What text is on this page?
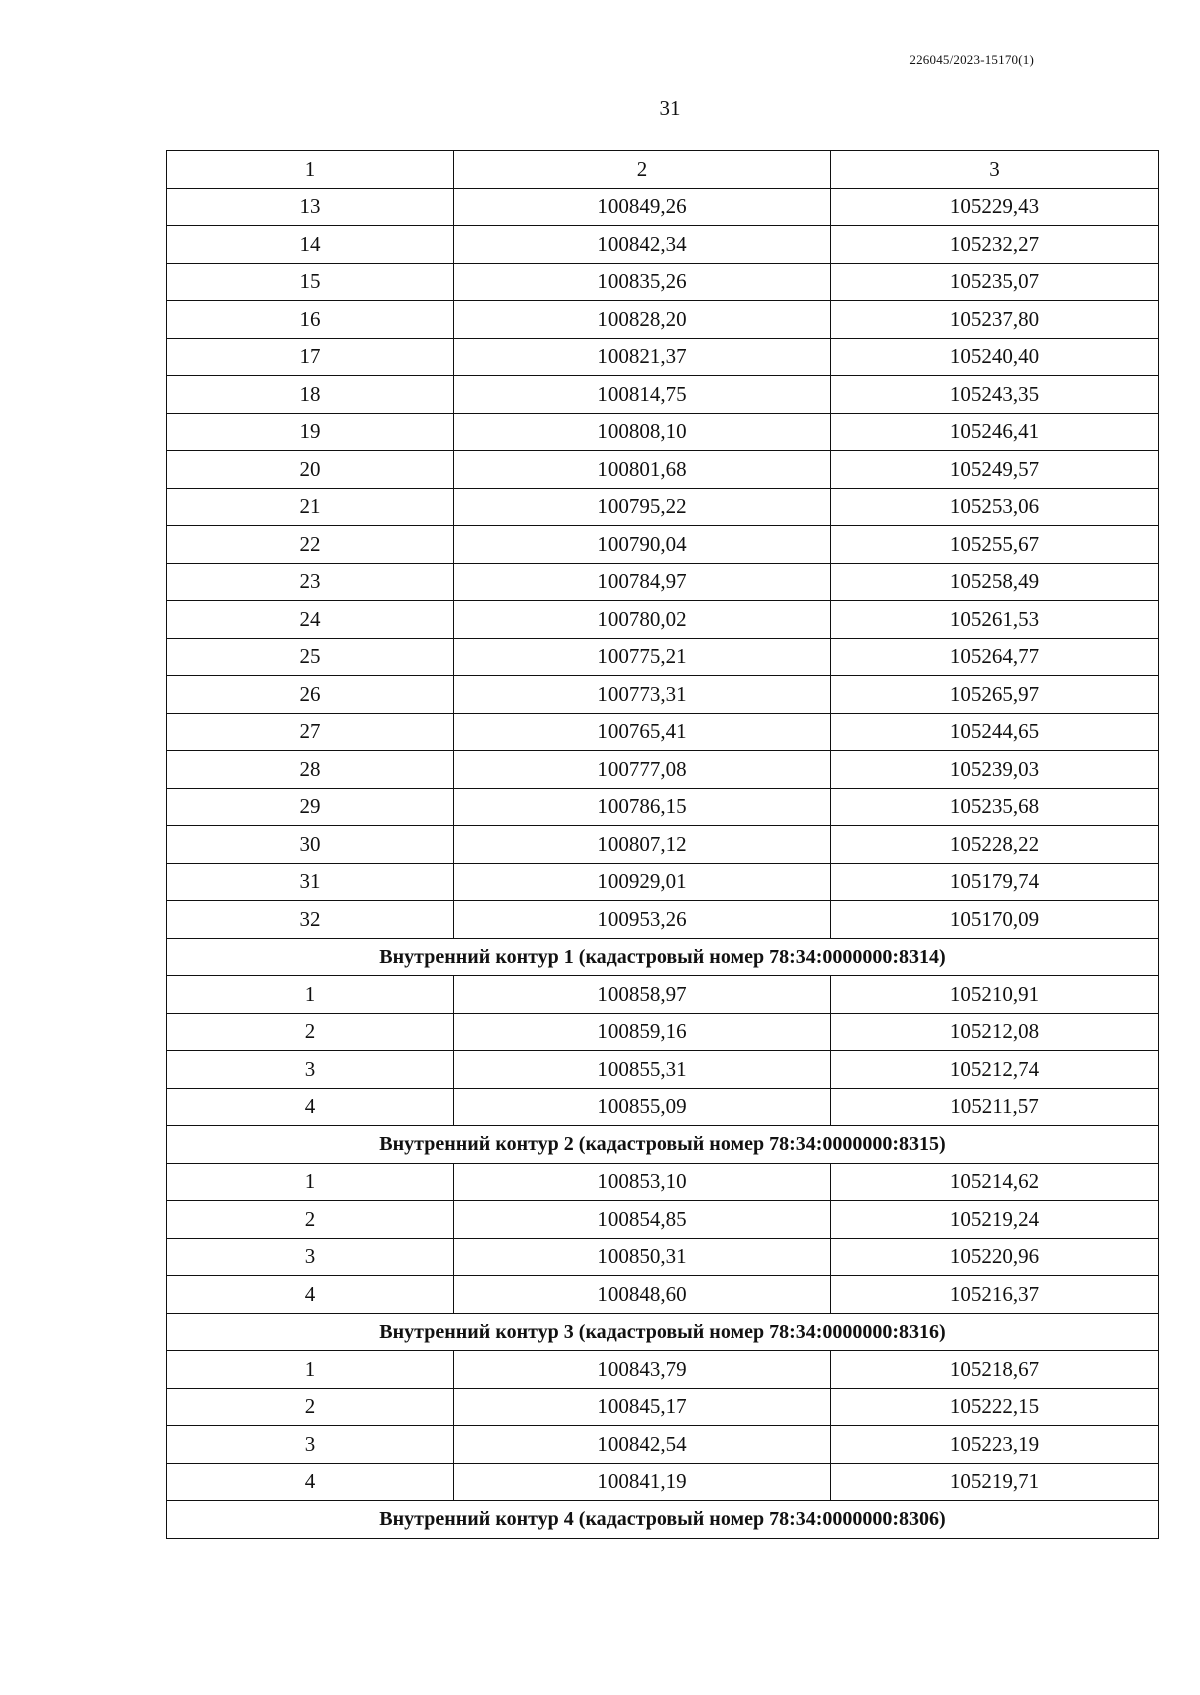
226045/2023-15170(1)
31
1	2	3
13	100849,26	105229,43
14	100842,34	105232,27
15	100835,26	105235,07
16	100828,20	105237,80
17	100821,37	105240,40
18	100814,75	105243,35
19	100808,10	105246,41
20	100801,68	105249,57
21	100795,22	105253,06
22	100790,04	105255,67
23	100784,97	105258,49
24	100780,02	105261,53
25	100775,21	105264,77
26	100773,31	105265,97
27	100765,41	105244,65
28	100777,08	105239,03
29	100786,15	105235,68
30	100807,12	105228,22
31	100929,01	105179,74
32	100953,26	105170,09
Внутренний контур 1 (кадастровый номер 78:34:0000000:8314)		
1	100858,97	105210,91
2	100859,16	105212,08
3	100855,31	105212,74
4	100855,09	105211,57
Внутренний контур 2 (кадастровый номер 78:34:0000000:8315)		
1	100853,10	105214,62
2	100854,85	105219,24
3	100850,31	105220,96
4	100848,60	105216,37
Внутренний контур 3 (кадастровый номер 78:34:0000000:8316)		
1	100843,79	105218,67
2	100845,17	105222,15
3	100842,54	105223,19
4	100841,19	105219,71
Внутренний контур 4 (кадастровый номер 78:34:0000000:8306)		
